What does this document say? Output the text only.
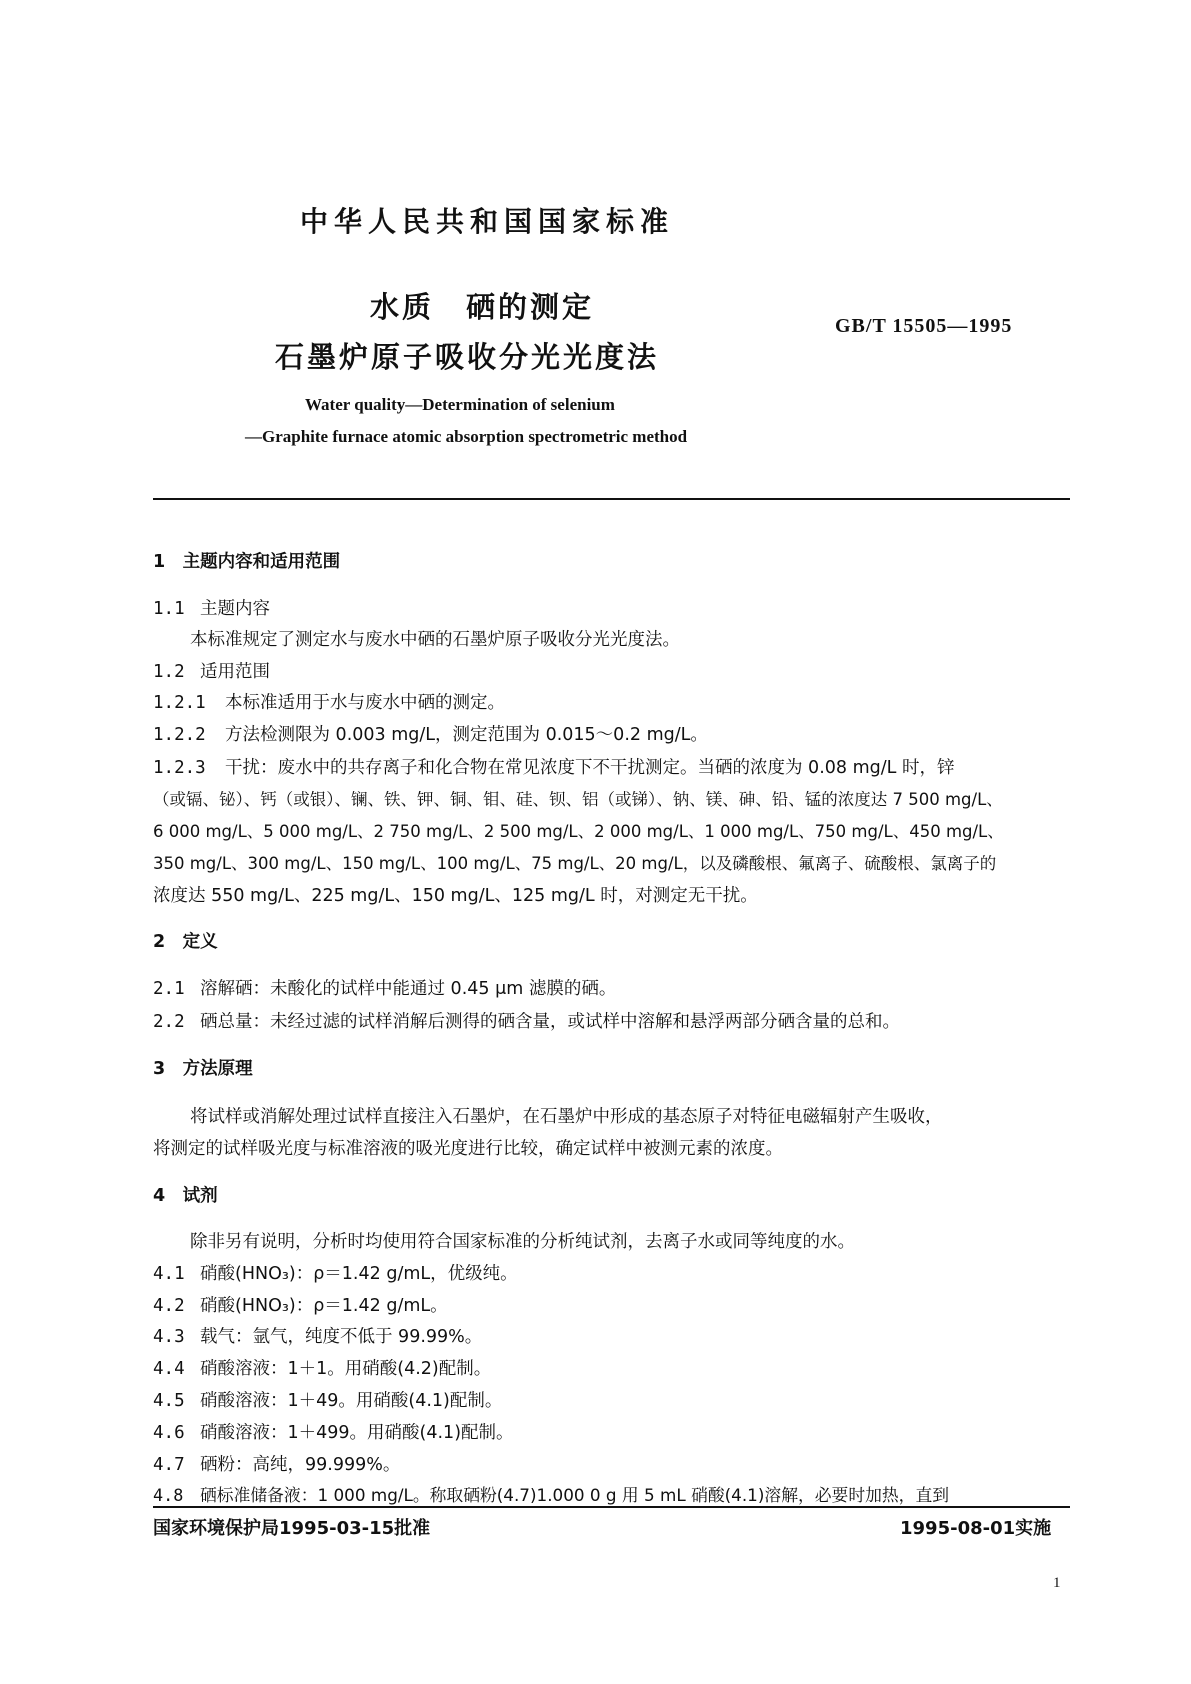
中华人民共和国国家标准
水质　硒的测定
石墨炉原子吸收分光光度法
GB/T 15505—1995
Water quality—Determination of selenium
—Graphite furnace atomic absorption spectrometric method
1　主题内容和适用范围
1.1 主题内容
本标准规定了测定水与废水中硒的石墨炉原子吸收分光光度法。
1.2 适用范围
1.2.1 本标准适用于水与废水中硒的测定。
1.2.2 方法检测限为 0.003 mg/L，测定范围为 0.015～0.2 mg/L。
1.2.3 干扰：废水中的共存离子和化合物在常见浓度下不干扰测定。当硒的浓度为 0.08 mg/L 时，锌
（或镉、铋）、钙（或银）、镧、铁、钾、铜、钼、硅、钡、铝（或锑）、钠、镁、砷、铅、锰的浓度达 7 500 mg/L、
6 000 mg/L、5 000 mg/L、2 750 mg/L、2 500 mg/L、2 000 mg/L、1 000 mg/L、750 mg/L、450 mg/L、
350 mg/L、300 mg/L、150 mg/L、100 mg/L、75 mg/L、20 mg/L，以及磷酸根、氟离子、硫酸根、氯离子的
浓度达 550 mg/L、225 mg/L、150 mg/L、125 mg/L 时，对测定无干扰。
2　定义
2.1 溶解硒：未酸化的试样中能通过 0.45 μm 滤膜的硒。
2.2 硒总量：未经过滤的试样消解后测得的硒含量，或试样中溶解和悬浮两部分硒含量的总和。
3　方法原理
将试样或消解处理过试样直接注入石墨炉，在石墨炉中形成的基态原子对特征电磁辐射产生吸收，
将测定的试样吸光度与标准溶液的吸光度进行比较，确定试样中被测元素的浓度。
4　试剂
除非另有说明，分析时均使用符合国家标准的分析纯试剂，去离子水或同等纯度的水。
4.1 硝酸(HNO₃)：ρ＝1.42 g/mL，优级纯。
4.2 硝酸(HNO₃)：ρ＝1.42 g/mL。
4.3 载气：氩气，纯度不低于 99.99%。
4.4 硝酸溶液：1＋1。用硝酸(4.2)配制。
4.5 硝酸溶液：1＋49。用硝酸(4.1)配制。
4.6 硝酸溶液：1＋499。用硝酸(4.1)配制。
4.7 硒粉：高纯，99.999%。
4.8 硒标准储备液：1 000 mg/L。称取硒粉(4.7)1.000 0 g 用 5 mL 硝酸(4.1)溶解，必要时加热，直到
国家环境保护局1995-03-15批准	1995-08-01实施
1
